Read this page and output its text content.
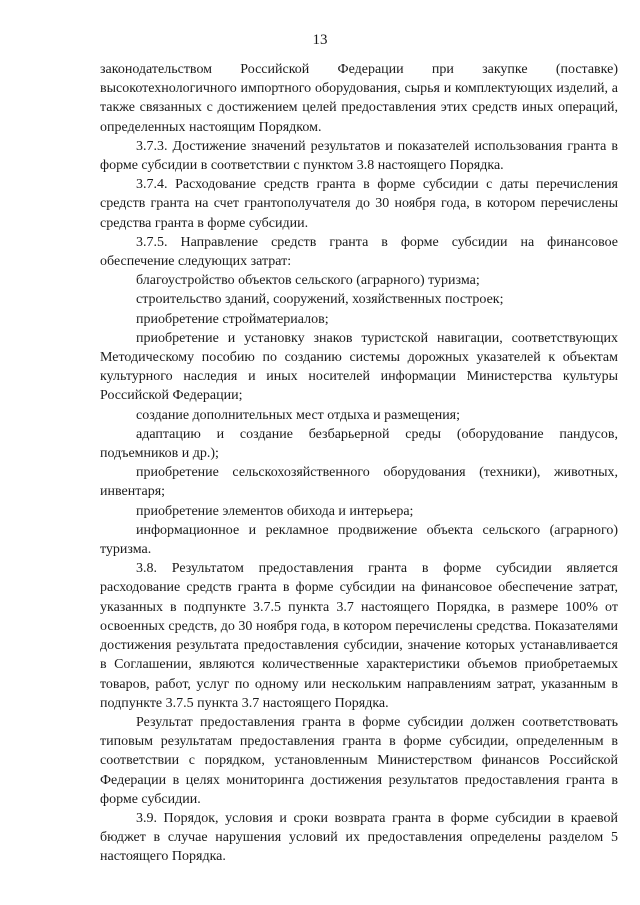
13

законодательством Российской Федерации при закупке (поставке) высокотехнологичного импортного оборудования, сырья и комплектующих изделий, а также связанных с достижением целей предоставления этих средств иных операций, определенных настоящим Порядком.

3.7.3. Достижение значений результатов и показателей использования гранта в форме субсидии в соответствии с пунктом 3.8 настоящего Порядка.

3.7.4. Расходование средств гранта в форме субсидии с даты перечисления средств гранта на счет грантополучателя до 30 ноября года, в котором перечислены средства гранта в форме субсидии.

3.7.5. Направление средств гранта в форме субсидии на финансовое обеспечение следующих затрат:

благоустройство объектов сельского (аграрного) туризма;

строительство зданий, сооружений, хозяйственных построек;

приобретение стройматериалов;

приобретение и установку знаков туристской навигации, соответствующих Методическому пособию по созданию системы дорожных указателей к объектам культурного наследия и иных носителей информации Министерства культуры Российской Федерации;

создание дополнительных мест отдыха и размещения;

адаптацию и создание безбарьерной среды (оборудование пандусов, подъемников и др.);

приобретение сельскохозяйственного оборудования (техники), животных, инвентаря;

приобретение элементов обихода и интерьера;

информационное и рекламное продвижение объекта сельского (аграрного) туризма.

3.8. Результатом предоставления гранта в форме субсидии является расходование средств гранта в форме субсидии на финансовое обеспечение затрат, указанных в подпункте 3.7.5 пункта 3.7 настоящего Порядка, в размере 100% от освоенных средств, до 30 ноября года, в котором перечислены средства. Показателями достижения результата предоставления субсидии, значение которых устанавливается в Соглашении, являются количественные характеристики объемов приобретаемых товаров, работ, услуг по одному или нескольким направлениям затрат, указанным в подпункте 3.7.5 пункта 3.7 настоящего Порядка.

Результат предоставления гранта в форме субсидии должен соответствовать типовым результатам предоставления гранта в форме субсидии, определенным в соответствии с порядком, установленным Министерством финансов Российской Федерации в целях мониторинга достижения результатов предоставления гранта в форме субсидии.

3.9. Порядок, условия и сроки возврата гранта в форме субсидии в краевой бюджет в случае нарушения условий их предоставления определены разделом 5 настоящего Порядка.
